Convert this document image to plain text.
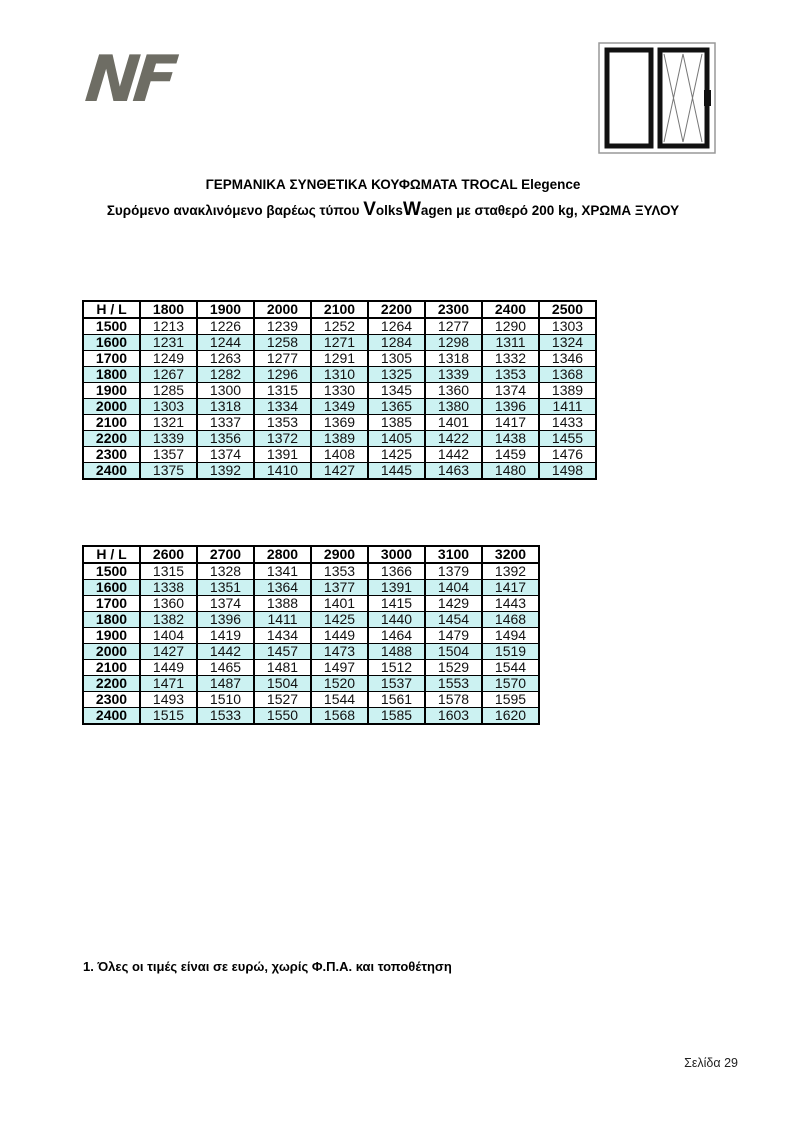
NF
ΓΕΡΜΑΝΙΚΑ ΣΥΝΘΕΤΙΚΑ ΚΟΥΦΩΜΑΤΑ TROCAL Elegence
Συρόμενο ανακλινόμενο βαρέως τύπου VolksWagen με σταθερό 200 kg, ΧΡΩΜΑ ΞΥΛΟΥ
H / L	1800	1900	2000	2100	2200	2300	2400	2500
1500	1213	1226	1239	1252	1264	1277	1290	1303
1600	1231	1244	1258	1271	1284	1298	1311	1324
1700	1249	1263	1277	1291	1305	1318	1332	1346
1800	1267	1282	1296	1310	1325	1339	1353	1368
1900	1285	1300	1315	1330	1345	1360	1374	1389
2000	1303	1318	1334	1349	1365	1380	1396	1411
2100	1321	1337	1353	1369	1385	1401	1417	1433
2200	1339	1356	1372	1389	1405	1422	1438	1455
2300	1357	1374	1391	1408	1425	1442	1459	1476
2400	1375	1392	1410	1427	1445	1463	1480	1498
H / L	2600	2700	2800	2900	3000	3100	3200
1500	1315	1328	1341	1353	1366	1379	1392
1600	1338	1351	1364	1377	1391	1404	1417
1700	1360	1374	1388	1401	1415	1429	1443
1800	1382	1396	1411	1425	1440	1454	1468
1900	1404	1419	1434	1449	1464	1479	1494
2000	1427	1442	1457	1473	1488	1504	1519
2100	1449	1465	1481	1497	1512	1529	1544
2200	1471	1487	1504	1520	1537	1553	1570
2300	1493	1510	1527	1544	1561	1578	1595
2400	1515	1533	1550	1568	1585	1603	1620
1. Όλες οι τιμές είναι σε ευρώ, χωρίς Φ.Π.Α. και τοποθέτηση
Σελίδα 29
